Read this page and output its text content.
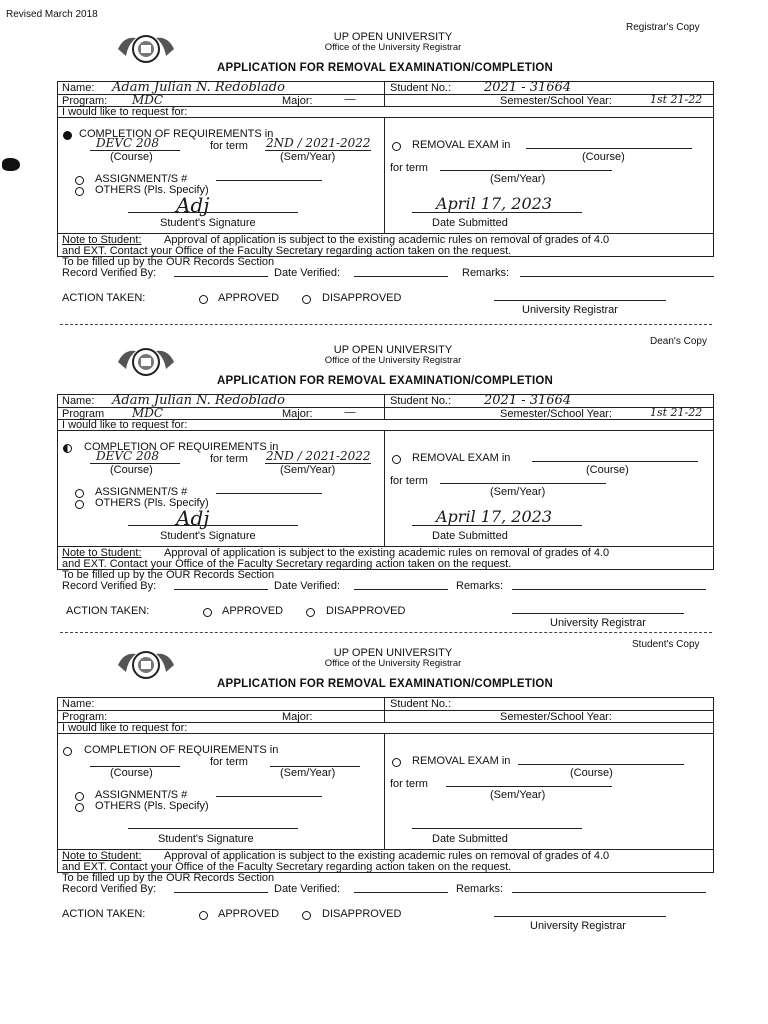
Revised March 2018
Registrar's Copy
UP OPEN UNIVERSITY
Office of the University Registrar
APPLICATION FOR REMOVAL EXAMINATION/COMPLETION
Name: Adam Julian N. Redoblado	Student No.:	2021 - 31664
Program: MDC	Major:	—	Semester/School Year:	1st 21-22
I would like to request for:
COMPLETION OF REQUIREMENTS in
DEVC 208	for term 2ND / 2021-2022
(Course)	(Sem/Year)
ASSIGNMENT/S #
OTHERS (Pls. Specify)
REMOVAL EXAM in
(Course)
for term
(Sem/Year)
Adj
Student's Signature
April 17, 2023
Date Submitted
Note to Student: Approval of application is subject to the existing academic rules on removal of grades of 4.0
and EXT. Contact your Office of the Faculty Secretary regarding action taken on the request.
To be filled up by the OUR Records Section
Record Verified By:	Date Verified:	Remarks:
ACTION TAKEN:	APPROVED	DISAPPROVED
University Registrar
Dean's Copy
UP OPEN UNIVERSITY
Office of the University Registrar
APPLICATION FOR REMOVAL EXAMINATION/COMPLETION
Name: Adam Julian N. Redoblado	Student No.:	2021 - 31664
Program MDC	Major:	—	Semester/School Year:	1st 21-22
I would like to request for:
COMPLETION OF REQUIREMENTS in
DEVC 208	for term 2ND / 2021-2022
(Course)	(Sem/Year)
ASSIGNMENT/S #
OTHERS (Pls. Specify)
REMOVAL EXAM in
(Course)
for term
(Sem/Year)
Adj
Student's Signature
April 17, 2023
Date Submitted
Note to Student: Approval of application is subject to the existing academic rules on removal of grades of 4.0
and EXT. Contact your Office of the Faculty Secretary regarding action taken on the request.
To be filled up by the OUR Records Section
Record Verified By:	Date Verified:	Remarks:
ACTION TAKEN:	APPROVED	DISAPPROVED
University Registrar
Student's Copy
UP OPEN UNIVERSITY
Office of the University Registrar
APPLICATION FOR REMOVAL EXAMINATION/COMPLETION
Name:	Student No.:
Program:	Major:	Semester/School Year:
I would like to request for:
COMPLETION OF REQUIREMENTS in
for term
(Course)	(Sem/Year)
ASSIGNMENT/S #
OTHERS (Pls. Specify)
REMOVAL EXAM in
(Course)
for term
(Sem/Year)
Student's Signature	Date Submitted
Note to Student: Approval of application is subject to the existing academic rules on removal of grades of 4.0
and EXT. Contact your Office of the Faculty Secretary regarding action taken on the request.
To be filled up by the OUR Records Section
Record Verified By:	Date Verified:	Remarks:
ACTION TAKEN:	APPROVED	DISAPPROVED
University Registrar
